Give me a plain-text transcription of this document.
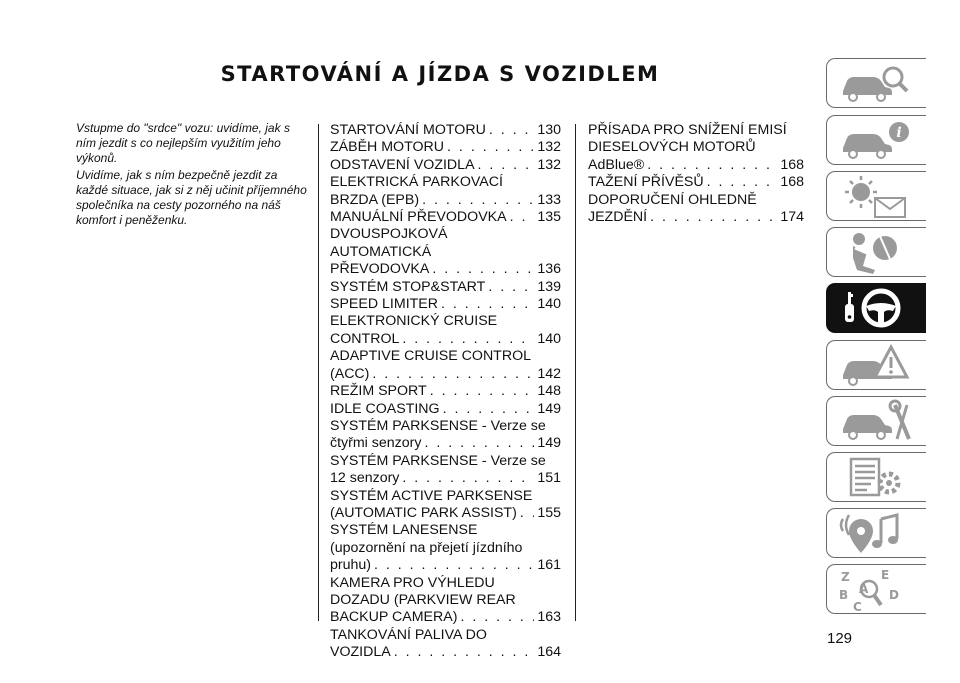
STARTOVÁNÍ A JÍZDA S VOZIDLEM

Vstupme do "srdce" vozu: uvidíme, jak s ním jezdit s co nejlepším využitím jeho výkonů.

Uvidíme, jak s ním bezpečně jezdit za každé situace, jak si z něj učinit příjemného společníka na cesty pozorného na náš komfort i peněženku.

STARTOVÁNÍ MOTORU . . .	130
ZÁBĚH MOTORU . . .	132
ODSTAVENÍ VOZIDLA . . .	132
ELEKTRICKÁ PARKOVACÍ
BRZDA (EPB) . . .	133
MANUÁLNÍ PŘEVODOVKA . . . 135
DVOUSPOJKOVÁ
AUTOMATICKÁ
PŘEVODOVKA . . .	136
SYSTÉM STOP&START . . .	139
SPEED LIMITER . . .	140
ELEKTRONICKÝ CRUISE
CONTROL . . .	140
ADAPTIVE CRUISE CONTROL
(ACC) . . .	142
REŽIM SPORT . . .	148
IDLE COASTING . . .	149
SYSTÉM PARKSENSE - Verze se
čtyřmi senzory . . .	149
SYSTÉM PARKSENSE - Verze se
12 senzory . . .	151
SYSTÉM ACTIVE PARKSENSE
(AUTOMATIC PARK ASSIST) . . . 155
SYSTÉM LANESENSE
(upozornění na přejetí jízdního
pruhu) . . .	161
KAMERA PRO VÝHLEDU
DOZADU (PARKVIEW REAR
BACKUP CAMERA) . . .	163
TANKOVÁNÍ PALIVA DO
VOZIDLA . . .	164
PŘÍSADA PRO SNÍŽENÍ EMISÍ
DIESELOVÝCH MOTORŮ
AdBlue® . . .	168
TAŽENÍ PŘÍVĚSŮ . . .	168
DOPORUČENÍ OHLEDNĚ
JEZDĚNÍ . . .	174
i
Z	E
B A
C
D
129
